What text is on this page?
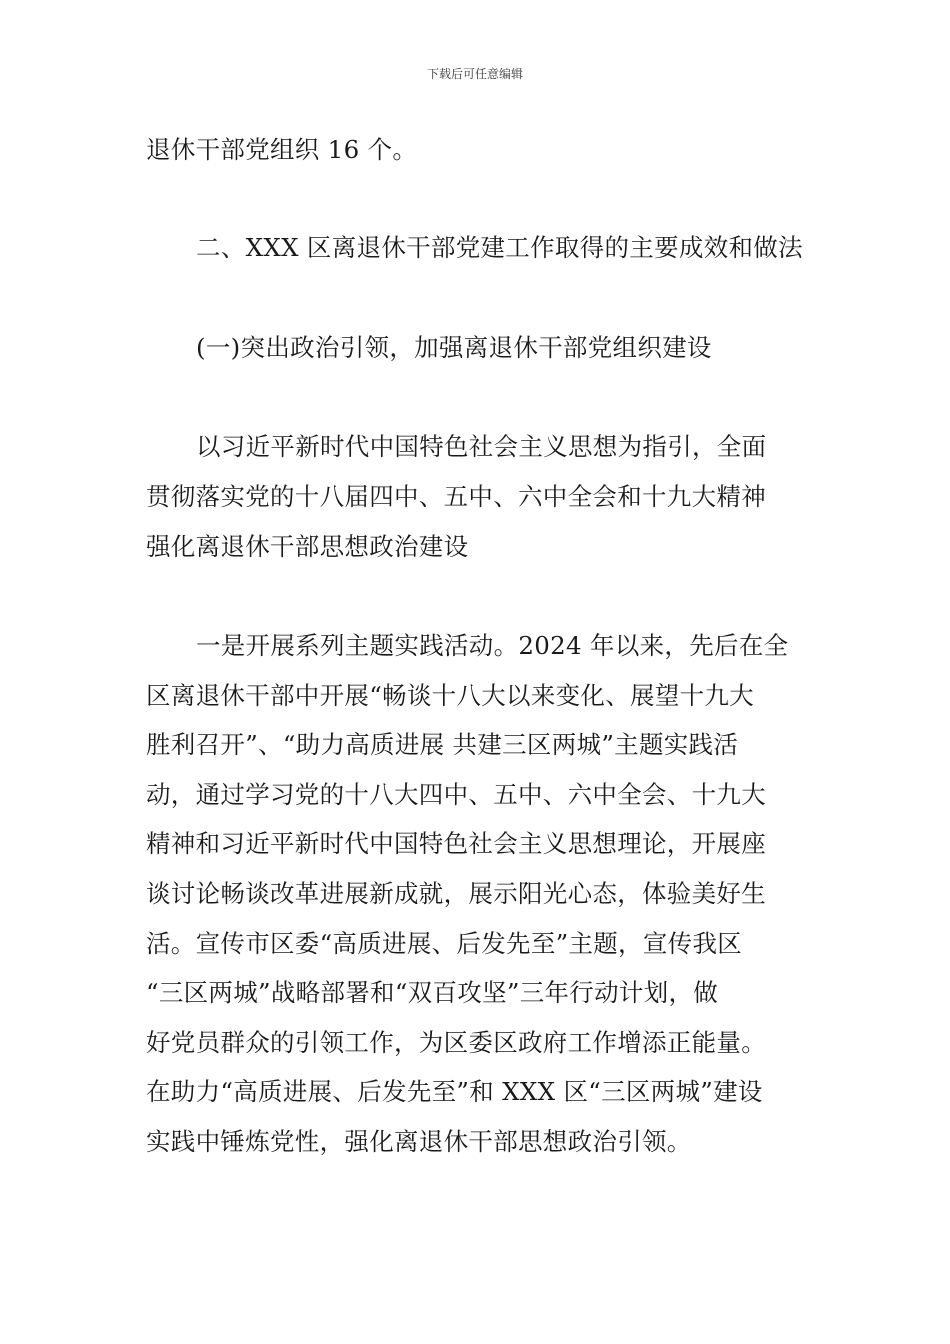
下载后可任意编辑
退休干部党组织 16 个。
二、XXX 区离退休干部党建工作取得的主要成效和做法
(一)突出政治引领，加强离退休干部党组织建设
以习近平新时代中国特色社会主义思想为指引，全面
贯彻落实党的十八届四中、五中、六中全会和十九大精神
强化离退休干部思想政治建设
一是开展系列主题实践活动。2024 年以来，先后在全
区离退休干部中开展“畅谈十八大以来变化、展望十九大
胜利召开”、“助力高质进展 共建三区两城”主题实践活
动，通过学习党的十八大四中、五中、六中全会、十九大
精神和习近平新时代中国特色社会主义思想理论，开展座
谈讨论畅谈改革进展新成就，展示阳光心态，体验美好生
活。宣传市区委“高质进展、后发先至”主题，宣传我区
“三区两城”战略部署和“双百攻坚”三年行动计划，做
好党员群众的引领工作，为区委区政府工作增添正能量。
在助力“高质进展、后发先至”和 XXX 区“三区两城”建设
实践中锤炼党性，强化离退休干部思想政治引领。
